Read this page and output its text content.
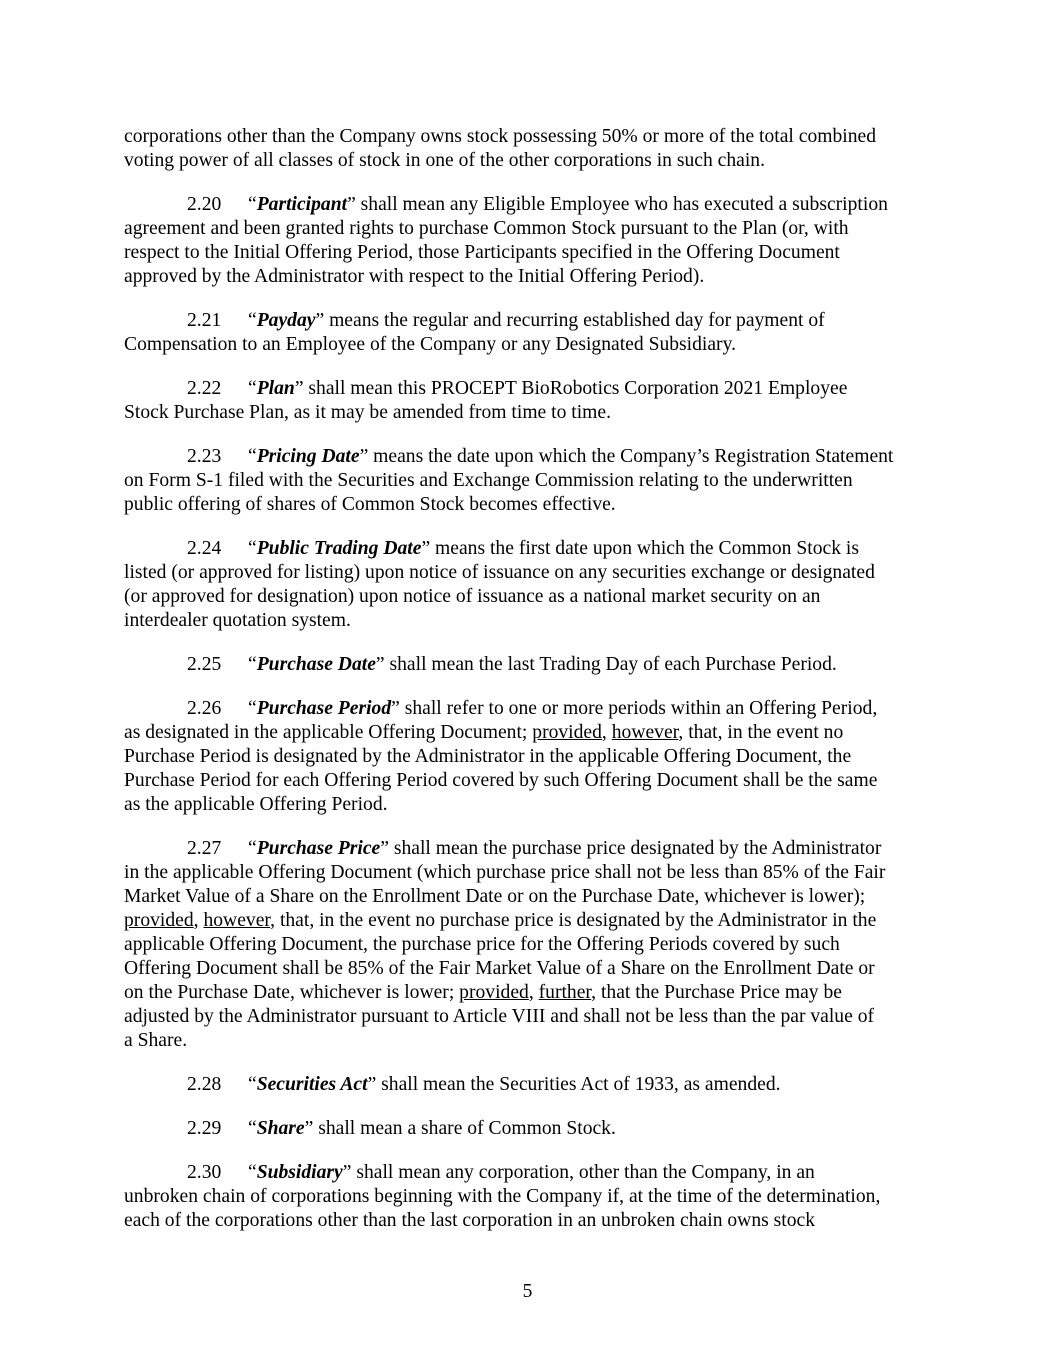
corporations other than the Company owns stock possessing 50% or more of the total combined
voting power of all classes of stock in one of the other corporations in such chain.
2.20 “Participant” shall mean any Eligible Employee who has executed a subscription
agreement and been granted rights to purchase Common Stock pursuant to the Plan (or, with
respect to the Initial Offering Period, those Participants specified in the Offering Document
approved by the Administrator with respect to the Initial Offering Period).
2.21 “Payday” means the regular and recurring established day for payment of
Compensation to an Employee of the Company or any Designated Subsidiary.
2.22 “Plan” shall mean this PROCEPT BioRobotics Corporation 2021 Employee
Stock Purchase Plan, as it may be amended from time to time.
2.23 “Pricing Date” means the date upon which the Company’s Registration Statement
on Form S-1 filed with the Securities and Exchange Commission relating to the underwritten
public offering of shares of Common Stock becomes effective.
2.24 “Public Trading Date” means the first date upon which the Common Stock is
listed (or approved for listing) upon notice of issuance on any securities exchange or designated
(or approved for designation) upon notice of issuance as a national market security on an
interdealer quotation system.
2.25 “Purchase Date” shall mean the last Trading Day of each Purchase Period.
2.26 “Purchase Period” shall refer to one or more periods within an Offering Period,
as designated in the applicable Offering Document; provided, however, that, in the event no
Purchase Period is designated by the Administrator in the applicable Offering Document, the
Purchase Period for each Offering Period covered by such Offering Document shall be the same
as the applicable Offering Period.
2.27 “Purchase Price” shall mean the purchase price designated by the Administrator
in the applicable Offering Document (which purchase price shall not be less than 85% of the Fair
Market Value of a Share on the Enrollment Date or on the Purchase Date, whichever is lower);
provided, however, that, in the event no purchase price is designated by the Administrator in the
applicable Offering Document, the purchase price for the Offering Periods covered by such
Offering Document shall be 85% of the Fair Market Value of a Share on the Enrollment Date or
on the Purchase Date, whichever is lower; provided, further, that the Purchase Price may be
adjusted by the Administrator pursuant to Article VIII and shall not be less than the par value of
a Share.
2.28 “Securities Act” shall mean the Securities Act of 1933, as amended.
2.29 “Share” shall mean a share of Common Stock.
2.30 “Subsidiary” shall mean any corporation, other than the Company, in an
unbroken chain of corporations beginning with the Company if, at the time of the determination,
each of the corporations other than the last corporation in an unbroken chain owns stock
5
